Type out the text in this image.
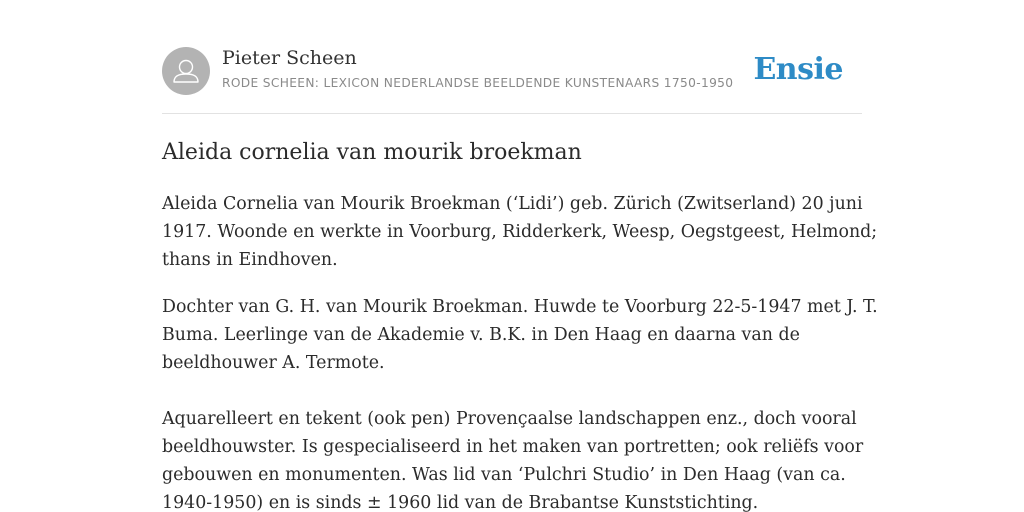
Pieter Scheen
RODE SCHEEN: LEXICON NEDERLANDSE BEELDENDE KUNSTENAARS 1750-1950 Ensie
Aleida cornelia van mourik broekman

Aleida Cornelia van Mourik Broekman (‘Lidi’) geb. Zürich (Zwitserland) 20 juni
1917. Woonde en werkte in Voorburg, Ridderkerk, Weesp, Oegstgeest, Helmond;
thans in Eindhoven.

Dochter van G. H. van Mourik Broekman. Huwde te Voorburg 22-5-1947 met J. T.
Buma. Leerlinge van de Akademie v. B.K. in Den Haag en daarna van de
beeldhouwer A. Termote.

Aquarelleert en tekent (ook pen) Provençaalse landschappen enz., doch vooral
beeldhouwster. Is gespecialiseerd in het maken van portretten; ook reliëfs voor
gebouwen en monumenten. Was lid van ‘Pulchri Studio’ in Den Haag (van ca.
1940-1950) en is sinds ± 1960 lid van de Brabantse Kunststichting.
